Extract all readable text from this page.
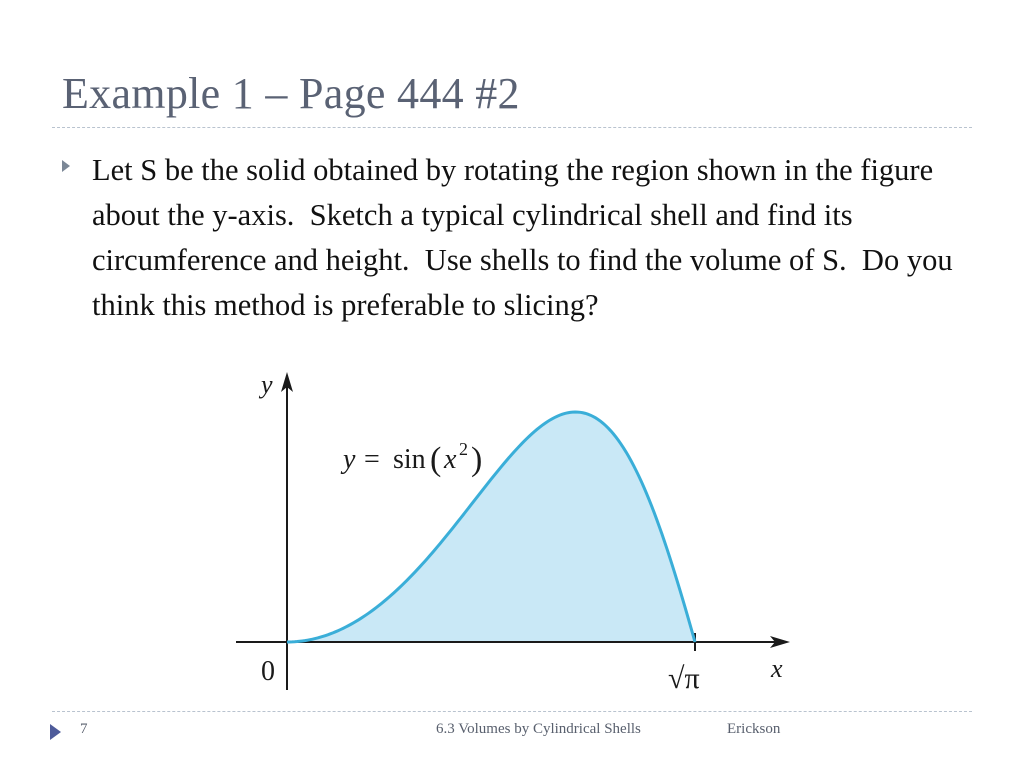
Example 1 – Page 444 #2
Let S be the solid obtained by rotating the region shown in the figure about the y-axis.  Sketch a typical cylindrical shell and find its circumference and height.  Use shells to find the volume of S.  Do you think this method is preferable to slicing?
y
x
0	√π
y = sin ( x 2 )
7	6.3 Volumes by Cylindrical Shells	Erickson
